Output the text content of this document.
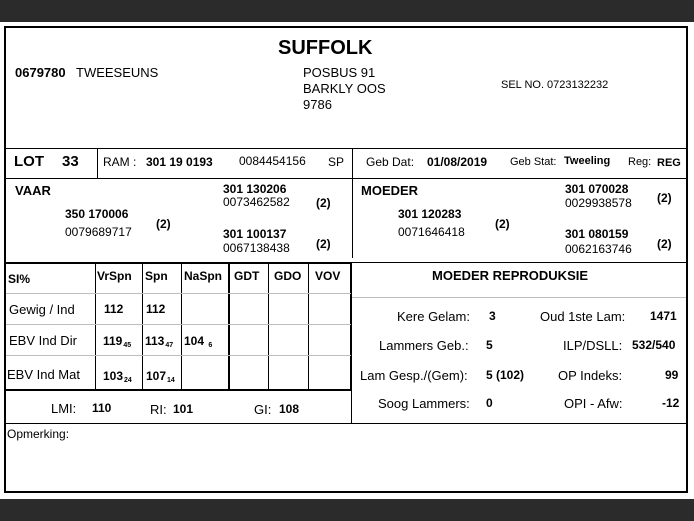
SUFFOLK
0679780 TWEESEUNS	POSBUS 91
BARKLY OOS
9786
SEL NO. 0723132232
LOT 33 RAM : 301 19 0193 0084454156 SP Geb Dat: 01/08/2019 Geb Stat: Tweeling Reg: REG
VAAR
350 170006
0079689717
(2)
301 130206
0073462582 (2)
301 100137
0067138438 (2)
MOEDER
301 120283
0071646418
(2)
301 070028
0029938578 (2)
301 080159
0062163746 (2)
SI%	VrSpn Spn NaSpn GDT GDO VOV
Gewig / Ind 112 112
EBV Ind Dir $119_{45}$ $113_{47}$ 104 $_6$
EBV Ind Mat $103_{24}$ $107_{14}$
LMI: 110	RI: 101	GI: 108
MOEDER REPRODUKSIE
Kere Gelam: 3	Oud 1ste Lam: 1471
Lammers Geb.: 5	ILP/DSLL: 532/540
Lam Gesp./(Gem): 5 (102)	OP Indeks:	99
Soog Lammers: 0	OPI - Afw:	-12
Opmerking:
